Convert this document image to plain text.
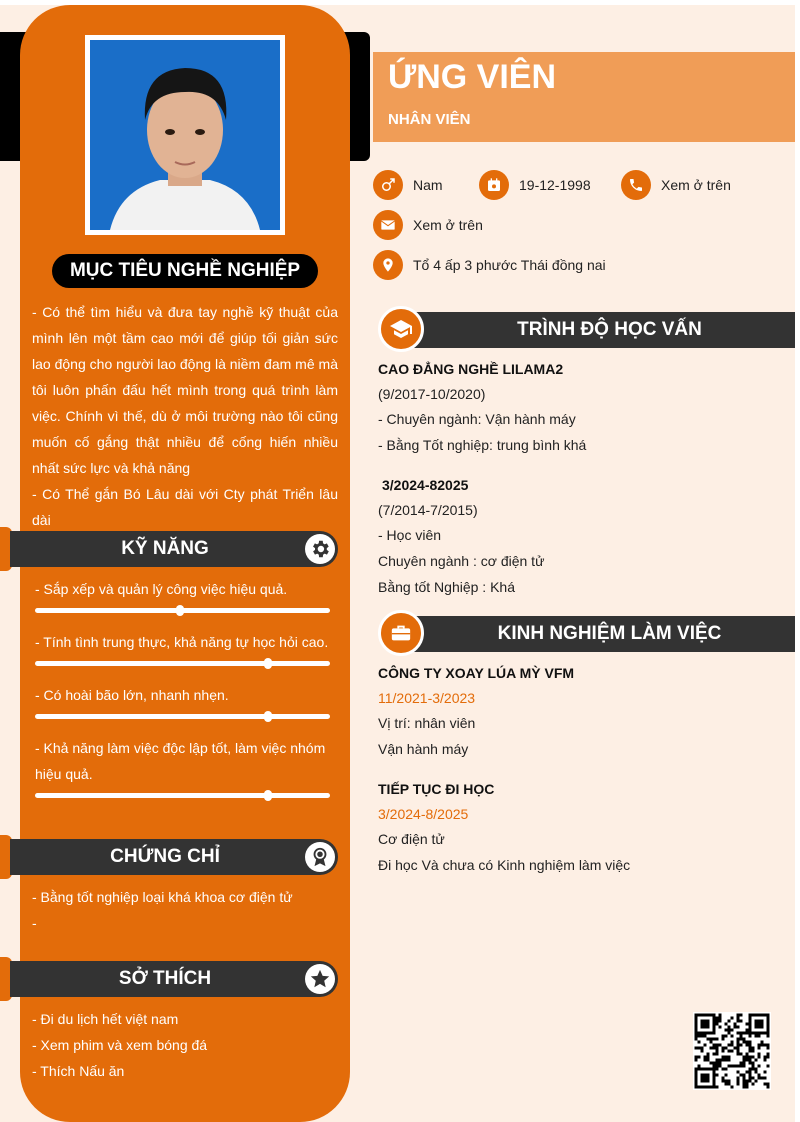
MỤC TIÊU NGHỀ NGHIỆP
- Có thể tìm hiểu và đưa tay nghề kỹ thuật của mình lên một tầm cao mới để giúp tối giản sức lao động cho người lao động là niềm đam mê mà tôi luôn phấn đấu hết mình trong quá trình làm việc. Chính vì thế, dù ở môi trường nào tôi cũng muốn cố gắng thật nhiều để cống hiến nhiều nhất sức lực và khả năng
- Có Thể gắn Bó Lâu dài với Cty phát Triển lâu dài
KỸ NĂNG
- Sắp xếp và quản lý công việc hiệu quả.
- Tính tình trung thực, khả năng tự học hỏi cao.
- Có hoài bão lớn, nhanh nhẹn.
- Khả năng làm việc độc lập tốt, làm việc nhóm hiệu quả.
CHỨNG CHỈ
- Bằng tốt nghiệp loại khá khoa cơ điện tử
-
SỞ THÍCH
- Đi du lịch hết việt nam
- Xem phim và xem bóng đá
- Thích Nấu ăn
ỨNG VIÊN
NHÂN VIÊN
Nam	19-12-1998	Xem ở trên
Xem ở trên
Tổ 4 ấp 3 phước Thái đồng nai
TRÌNH ĐỘ HỌC VẤN
CAO ĐẲNG NGHỀ LILAMA2
(9/2017-10/2020)
- Chuyên ngành: Vận hành máy
- Bằng Tốt nghiệp: trung bình khá
3/2024-82025
(7/2014-7/2015)
- Học viên
Chuyên ngành : cơ điện tử
Bằng tốt Nghiệp : Khá
KINH NGHIỆM LÀM VIỆC
CÔNG TY XOAY LÚA MỲ VFM
11/2021-3/2023
Vị trí: nhân viên
Vận hành máy
TIẾP TỤC ĐI HỌC
3/2024-8/2025
Cơ điện tử
Đi học Và chưa có Kinh nghiệm làm việc
